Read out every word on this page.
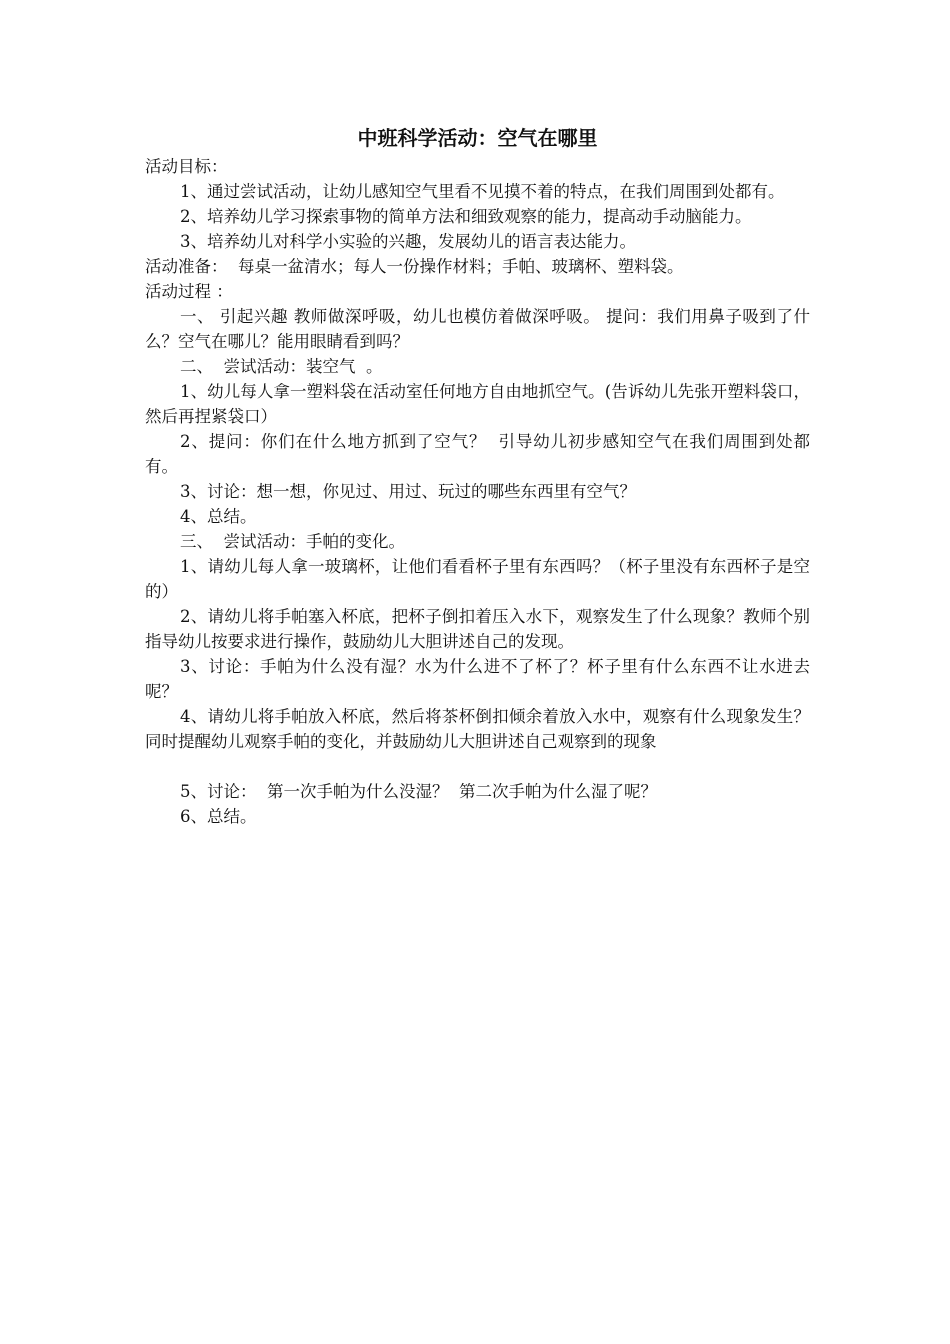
中班科学活动：空气在哪里

活动目标：

1、通过尝试活动，让幼儿感知空气里看不见摸不着的特点，在我们周围到处都有。

2、培养幼儿学习探索事物的简单方法和细致观察的能力，提高动手动脑能力。

3、培养幼儿对科学小实验的兴趣，发展幼儿的语言表达能力。

活动准备：  每桌一盆清水；每人一份操作材料；手帕、玻璃杯、塑料袋。

活动过程 ：

一、 引起兴趣 教师做深呼吸，幼儿也模仿着做深呼吸。 提问：我们用鼻子吸到了什么？空气在哪儿？能用眼睛看到吗？

二、  尝试活动：装空气  。

1、幼儿每人拿一塑料袋在活动室任何地方自由地抓空气。(告诉幼儿先张开塑料袋口，然后再捏紧袋口）

2、提问：你们在什么地方抓到了空气？  引导幼儿初步感知空气在我们周围到处都有。

3、讨论：想一想，你见过、用过、玩过的哪些东西里有空气？

4、总结。

三、  尝试活动：手帕的变化。

1、请幼儿每人拿一玻璃杯，让他们看看杯子里有东西吗？（杯子里没有东西杯子是空的）

2、请幼儿将手帕塞入杯底，把杯子倒扣着压入水下，观察发生了什么现象？教师个别指导幼儿按要求进行操作，鼓励幼儿大胆讲述自己的发现。

3、讨论：手帕为什么没有湿？水为什么进不了杯了？杯子里有什么东西不让水进去呢？

4、请幼儿将手帕放入杯底，然后将茶杯倒扣倾余着放入水中，观察有什么现象发生？同时提醒幼儿观察手帕的变化，并鼓励幼儿大胆讲述自己观察到的现象

5、讨论：  第一次手帕为什么没湿？  第二次手帕为什么湿了呢？

6、总结。
